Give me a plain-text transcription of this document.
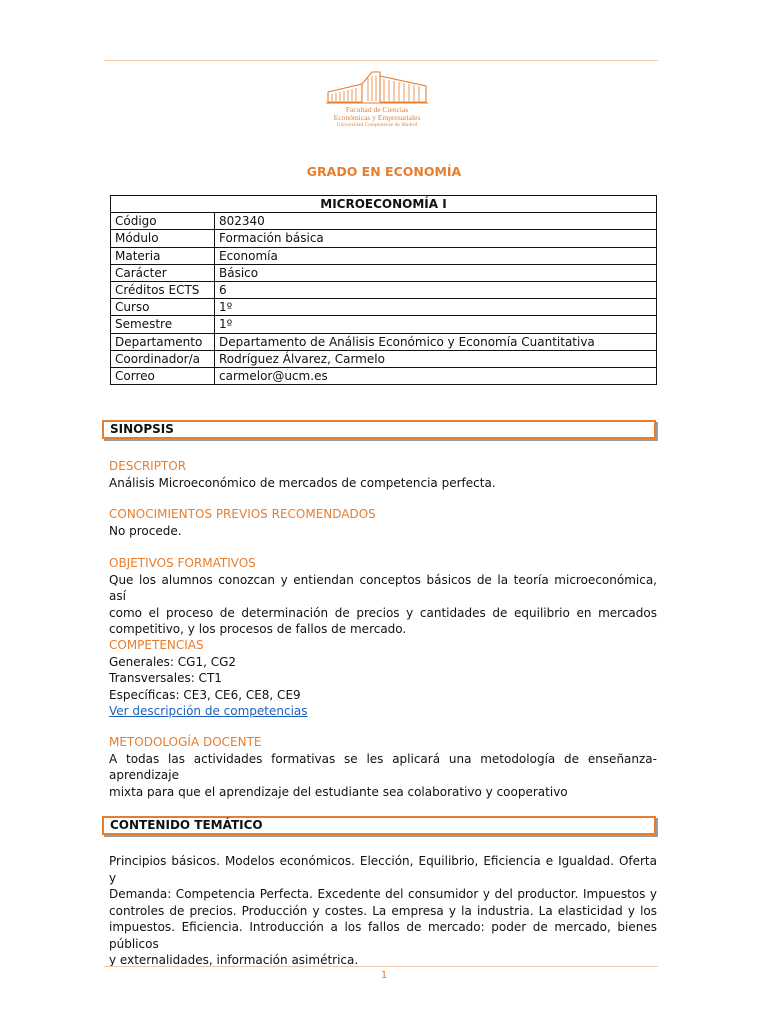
Facultad de Ciencias
Económicas y Empresariales
Universidad Complutense de Madrid
GRADO EN ECONOMÍA
MICROECONOMÍA I	
Código	802340
Módulo	Formación básica
Materia	Economía
Carácter	Básico
Créditos ECTS	6
Curso	1º
Semestre	1º
Departamento	Departamento de Análisis Económico y Economía Cuantitativa
Coordinador/a	Rodríguez Álvarez, Carmelo
Correo	carmelor@ucm.es
SINOPSIS
DESCRIPTOR
Análisis Microeconómico de mercados de competencia perfecta.
CONOCIMIENTOS PREVIOS RECOMENDADOS
No procede.
OBJETIVOS FORMATIVOS
Que los alumnos conozcan y entiendan conceptos básicos de la teoría microeconómica, así
como el proceso de determinación de precios y cantidades de equilibrio en mercados
competitivo, y los procesos de fallos de mercado.
COMPETENCIAS
Generales: CG1, CG2
Transversales: CT1
Específicas: CE3, CE6, CE8, CE9
Ver descripción de competencias
METODOLOGÍA DOCENTE
A todas las actividades formativas se les aplicará una metodología de enseñanza-aprendizaje
mixta para que el aprendizaje del estudiante sea colaborativo y cooperativo
CONTENIDO TEMÁTICO
Principios básicos. Modelos económicos. Elección, Equilibrio, Eficiencia e Igualdad. Oferta y
Demanda: Competencia Perfecta. Excedente del consumidor y del productor. Impuestos y
controles de precios. Producción y costes. La empresa y la industria. La elasticidad y los
impuestos. Eficiencia. Introducción a los fallos de mercado: poder de mercado, bienes públicos
y externalidades, información asimétrica.
1
